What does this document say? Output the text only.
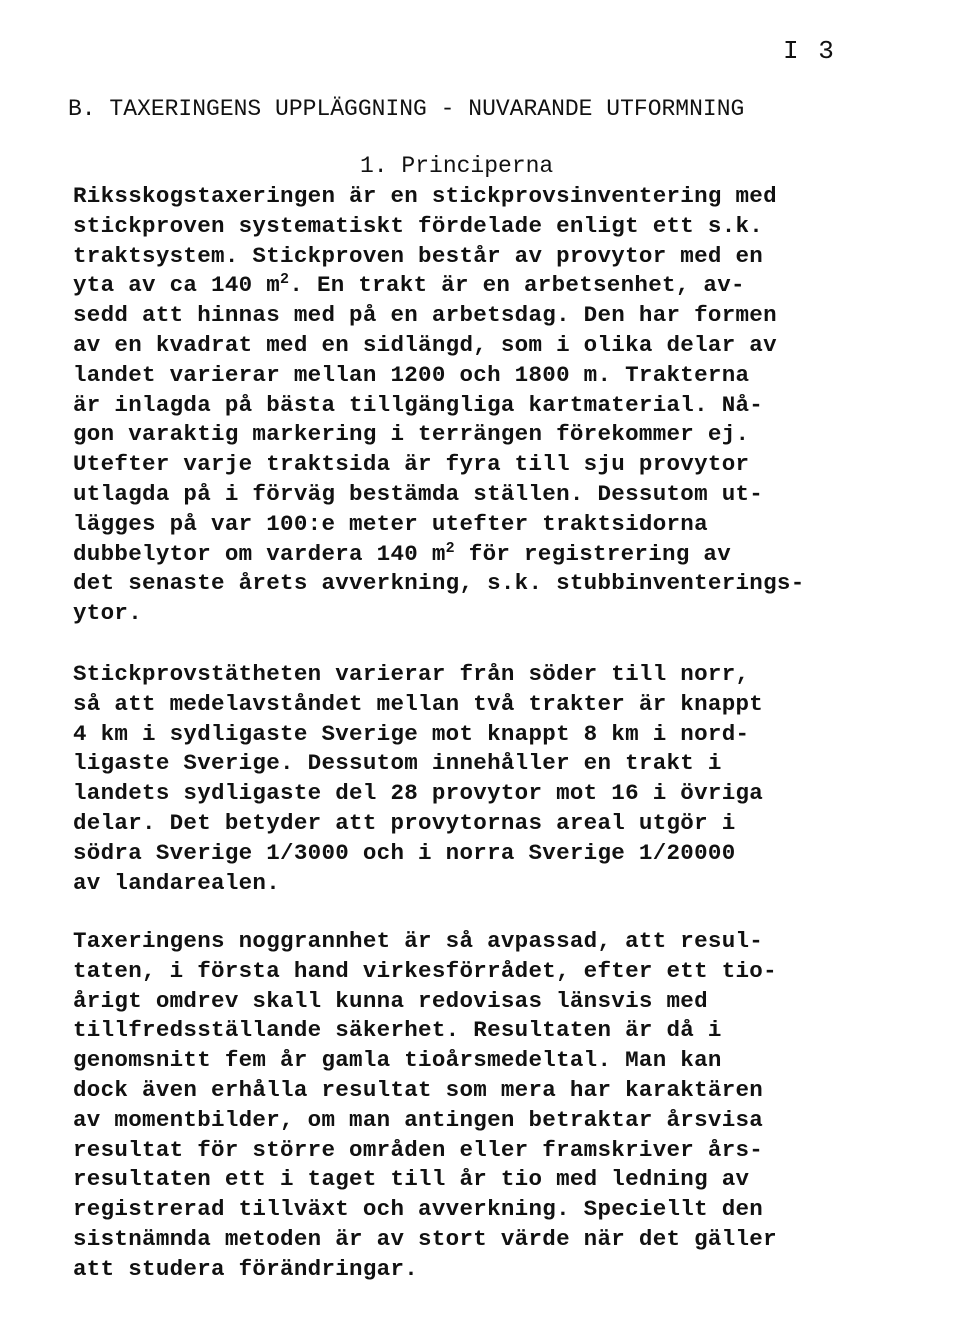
I 3
B. TAXERINGENS UPPLÄGGNING - NUVARANDE UTFORMNING
1. Principerna
Riksskogstaxeringen är en stickprovsinventering med
stickproven systematiskt fördelade enligt ett s.k.
traktsystem. Stickproven består av provytor med en
yta av ca 140 $m^2$. En trakt är en arbetsenhet, av-
sedd att hinnas med på en arbetsdag. Den har formen
av en kvadrat med en sidlängd, som i olika delar av
landet varierar mellan 1200 och 1800 m. Trakterna
är inlagda på bästa tillgängliga kartmaterial. Nå-
gon varaktig markering i terrängen förekommer ej.
Utefter varje traktsida är fyra till sju provytor
utlagda på i förväg bestämda ställen. Dessutom ut-
lägges på var 100:e meter utefter traktsidorna
dubbelytor om vardera 140 $m^2$ för registrering av
det senaste årets avverkning, s.k. stubbinventerings-
ytor.
Stickprovstätheten varierar från söder till norr,
så att medelavståndet mellan två trakter är knappt
4 km i sydligaste Sverige mot knappt 8 km i nord-
ligaste Sverige. Dessutom innehåller en trakt i
landets sydligaste del 28 provytor mot 16 i övriga
delar. Det betyder att provytornas areal utgör i
södra Sverige 1/3000 och i norra Sverige 1/20000
av landarealen.
Taxeringens noggrannhet är så avpassad, att resul-
taten, i första hand virkesförrådet, efter ett tio-
årigt omdrev skall kunna redovisas länsvis med
tillfredsställande säkerhet. Resultaten är då i
genomsnitt fem år gamla tioårsmedeltal. Man kan
dock även erhålla resultat som mera har karaktären
av momentbilder, om man antingen betraktar årsvisa
resultat för större områden eller framskriver års-
resultaten ett i taget till år tio med ledning av
registrerad tillväxt och avverkning. Speciellt den
sistnämnda metoden är av stort värde när det gäller
att studera förändringar.
